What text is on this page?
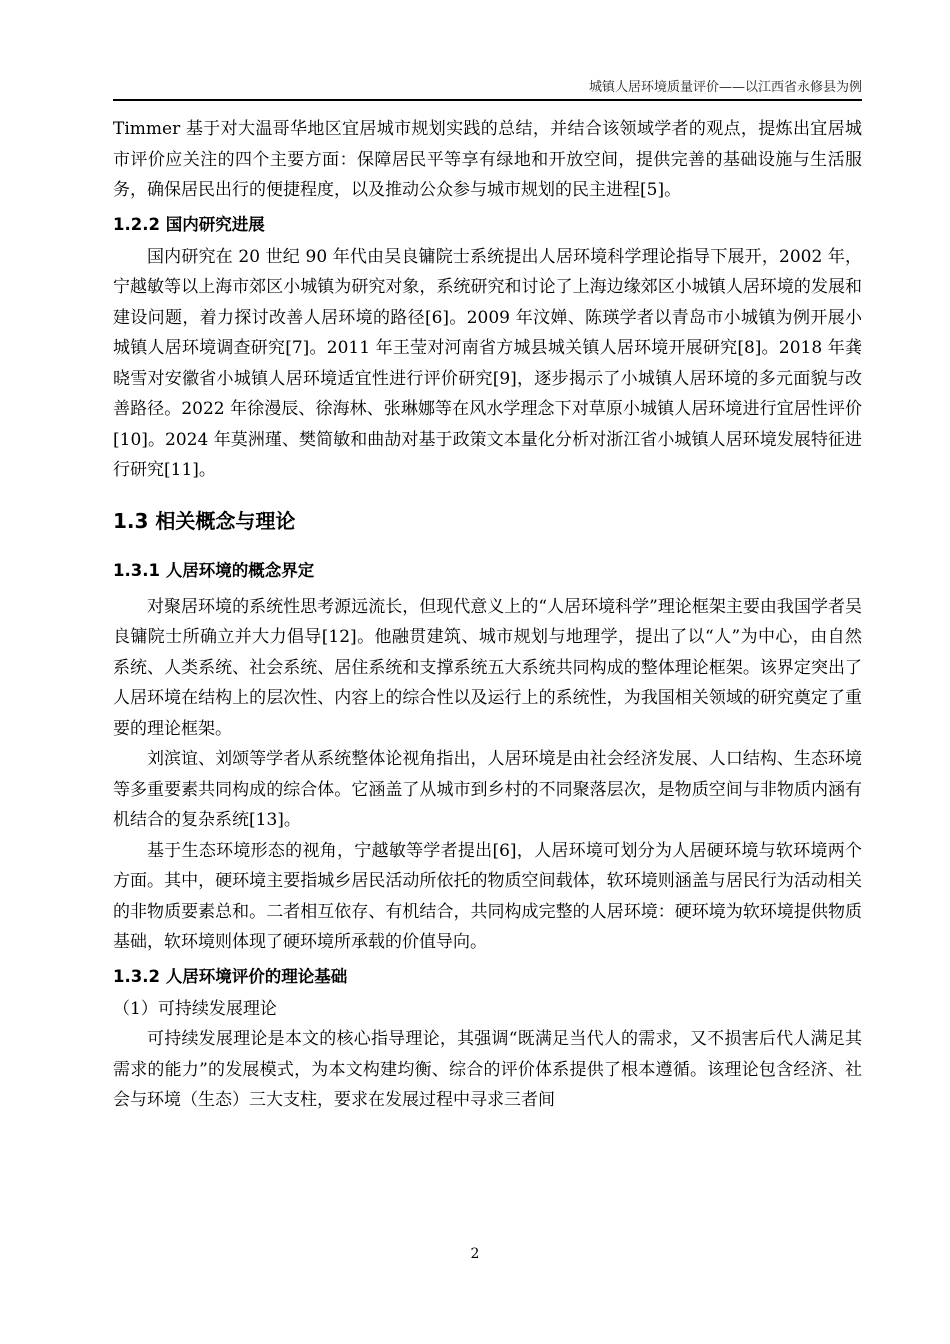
城镇人居环境质量评价——以江西省永修县为例

Timmer 基于对大温哥华地区宜居城市规划实践的总结，并结合该领域学者的观点，提炼出宜居城市评价应关注的四个主要方面：保障居民平等享有绿地和开放空间，提供完善的基础设施与生活服务，确保居民出行的便捷程度，以及推动公众参与城市规划的民主进程[5]。

1.2.2 国内研究进展

国内研究在 20 世纪 90 年代由吴良镛院士系统提出人居环境科学理论指导下展开，2002 年，宁越敏等以上海市郊区小城镇为研究对象，系统研究和讨论了上海边缘郊区小城镇人居环境的发展和建设问题，着力探讨改善人居环境的路径[6]。2009 年汶婵、陈瑛学者以青岛市小城镇为例开展小城镇人居环境调查研究[7]。2011 年王莹对河南省方城县城关镇人居环境开展研究[8]。2018 年龚晓雪对安徽省小城镇人居环境适宜性进行评价研究[9]，逐步揭示了小城镇人居环境的多元面貌与改善路径。2022 年徐漫辰、徐海林、张琳娜等在风水学理念下对草原小城镇人居环境进行宜居性评价[10]。2024 年莫洲瑾、樊简敏和曲劼对基于政策文本量化分析对浙江省小城镇人居环境发展特征进行研究[11]。

1.3 相关概念与理论
1.3.1 人居环境的概念界定

对聚居环境的系统性思考源远流长，但现代意义上的“人居环境科学”理论框架主要由我国学者吴良镛院士所确立并大力倡导[12]。他融贯建筑、城市规划与地理学，提出了以“人”为中心，由自然系统、人类系统、社会系统、居住系统和支撑系统五大系统共同构成的整体理论框架。该界定突出了人居环境在结构上的层次性、内容上的综合性以及运行上的系统性，为我国相关领域的研究奠定了重要的理论框架。

刘滨谊、刘颂等学者从系统整体论视角指出，人居环境是由社会经济发展、人口结构、生态环境等多重要素共同构成的综合体。它涵盖了从城市到乡村的不同聚落层次，是物质空间与非物质内涵有机结合的复杂系统[13]。

基于生态环境形态的视角，宁越敏等学者提出[6]，人居环境可划分为人居硬环境与软环境两个方面。其中，硬环境主要指城乡居民活动所依托的物质空间载体，软环境则涵盖与居民行为活动相关的非物质要素总和。二者相互依存、有机结合，共同构成完整的人居环境：硬环境为软环境提供物质基础，软环境则体现了硬环境所承载的价值导向。

1.3.2 人居环境评价的理论基础

（1）可持续发展理论

可持续发展理论是本文的核心指导理论，其强调“既满足当代人的需求，又不损害后代人满足其需求的能力”的发展模式，为本文构建均衡、综合的评价体系提供了根本遵循。该理论包含经济、社会与环境（生态）三大支柱，要求在发展过程中寻求三者间

2
